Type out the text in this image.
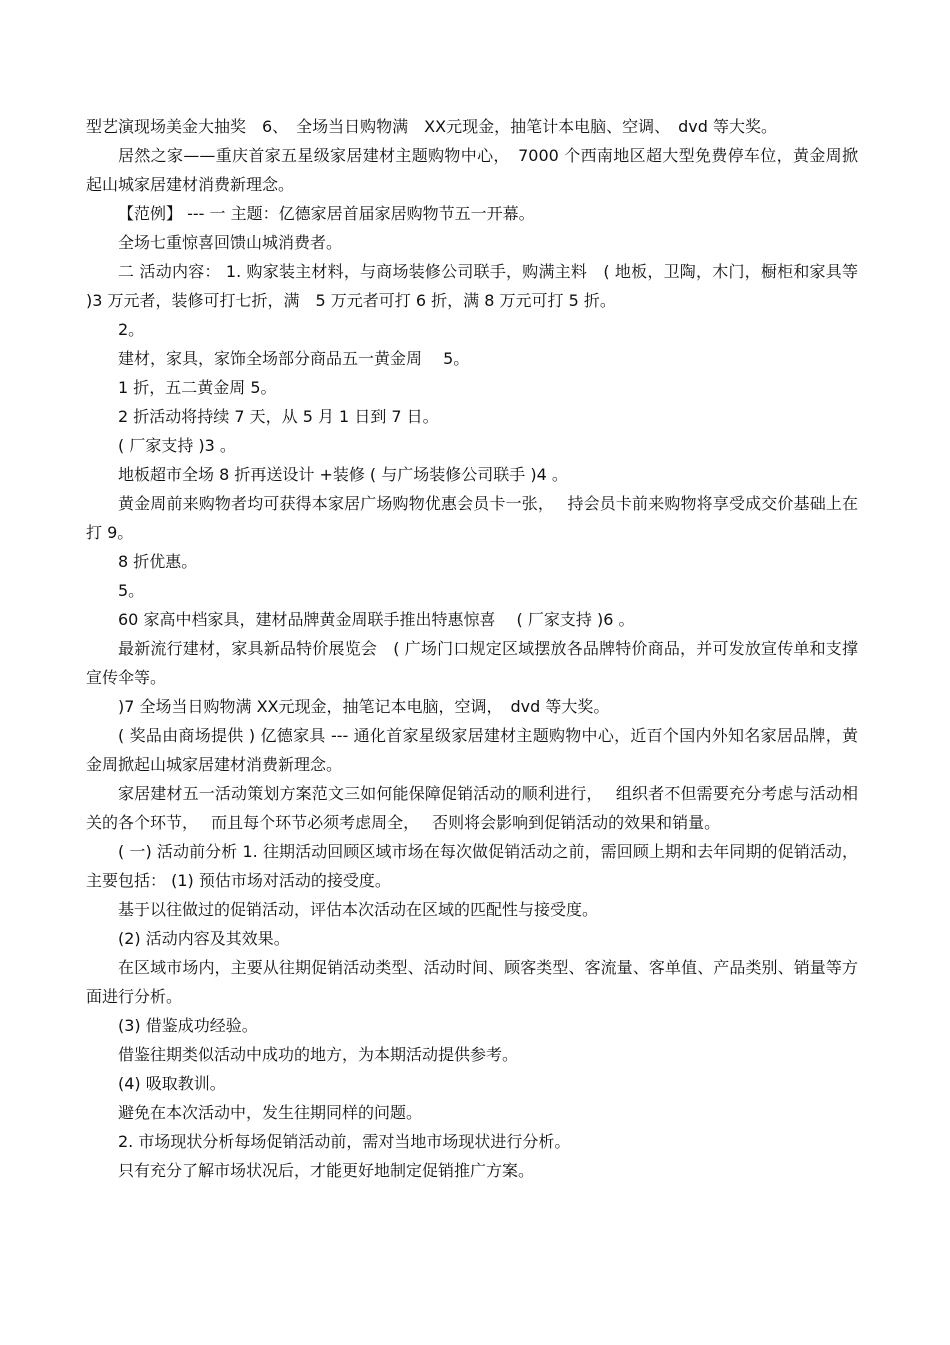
型艺演现场美金大抽奖　6、　全场当日购物满　XX元现金，抽笔计本电脑、空调、　dvd 等大奖。

居然之家——重庆首家五星级家居建材主题购物中心，　7000 个西南地区超大型免费停车位，黄金周掀起山城家居建材消费新理念。

【范例】 --- 一 主题：亿德家居首届家居购物节五一开幕。

全场七重惊喜回馈山城消费者。

二 活动内容： 1. 购家装主材料，与商场装修公司联手，购满主料　( 地板，卫陶，木门，橱柜和家具等 )3 万元者，装修可打七折，满　5 万元者可打 6 折，满 8 万元可打 5 折。

2。

建材，家具，家饰全场部分商品五一黄金周　 5。

1 折，五二黄金周 5。

2 折活动将持续 7 天，从 5 月 1 日到 7 日。

( 厂家支持 )3 。

地板超市全场 8 折再送设计 +装修 ( 与广场装修公司联手 )4 。

黄金周前来购物者均可获得本家居广场购物优惠会员卡一张，　 持会员卡前来购物将享受成交价基础上在打 9。

8 折优惠。

5。

60 家高中档家具，建材品牌黄金周联手推出特惠惊喜　 ( 厂家支持 )6 。

最新流行建材，家具新品特价展览会　( 广场门口规定区域摆放各品牌特价商品，并可发放宣传单和支撑宣传伞等。

)7 全场当日购物满 XX元现金，抽笔记本电脑，空调，　dvd 等大奖。

( 奖品由商场提供 ) 亿德家具 --- 通化首家星级家居建材主题购物中心，近百个国内外知名家居品牌，黄金周掀起山城家居建材消费新理念。

家居建材五一活动策划方案范文三如何能保障促销活动的顺利进行，　 组织者不但需要充分考虑与活动相关的各个环节，　 而且每个环节必须考虑周全，　 否则将会影响到促销活动的效果和销量。

( 一) 活动前分析 1. 往期活动回顾区域市场在每次做促销活动之前，需回顾上期和去年同期的促销活动，主要包括： (1) 预估市场对活动的接受度。

基于以往做过的促销活动，评估本次活动在区域的匹配性与接受度。

(2) 活动内容及其效果。

在区域市场内，主要从往期促销活动类型、活动时间、顾客类型、客流量、客单值、产品类别、销量等方面进行分析。

(3) 借鉴成功经验。

借鉴往期类似活动中成功的地方，为本期活动提供参考。

(4) 吸取教训。

避免在本次活动中，发生往期同样的问题。

2. 市场现状分析每场促销活动前，需对当地市场现状进行分析。

只有充分了解市场状况后，才能更好地制定促销推广方案。
